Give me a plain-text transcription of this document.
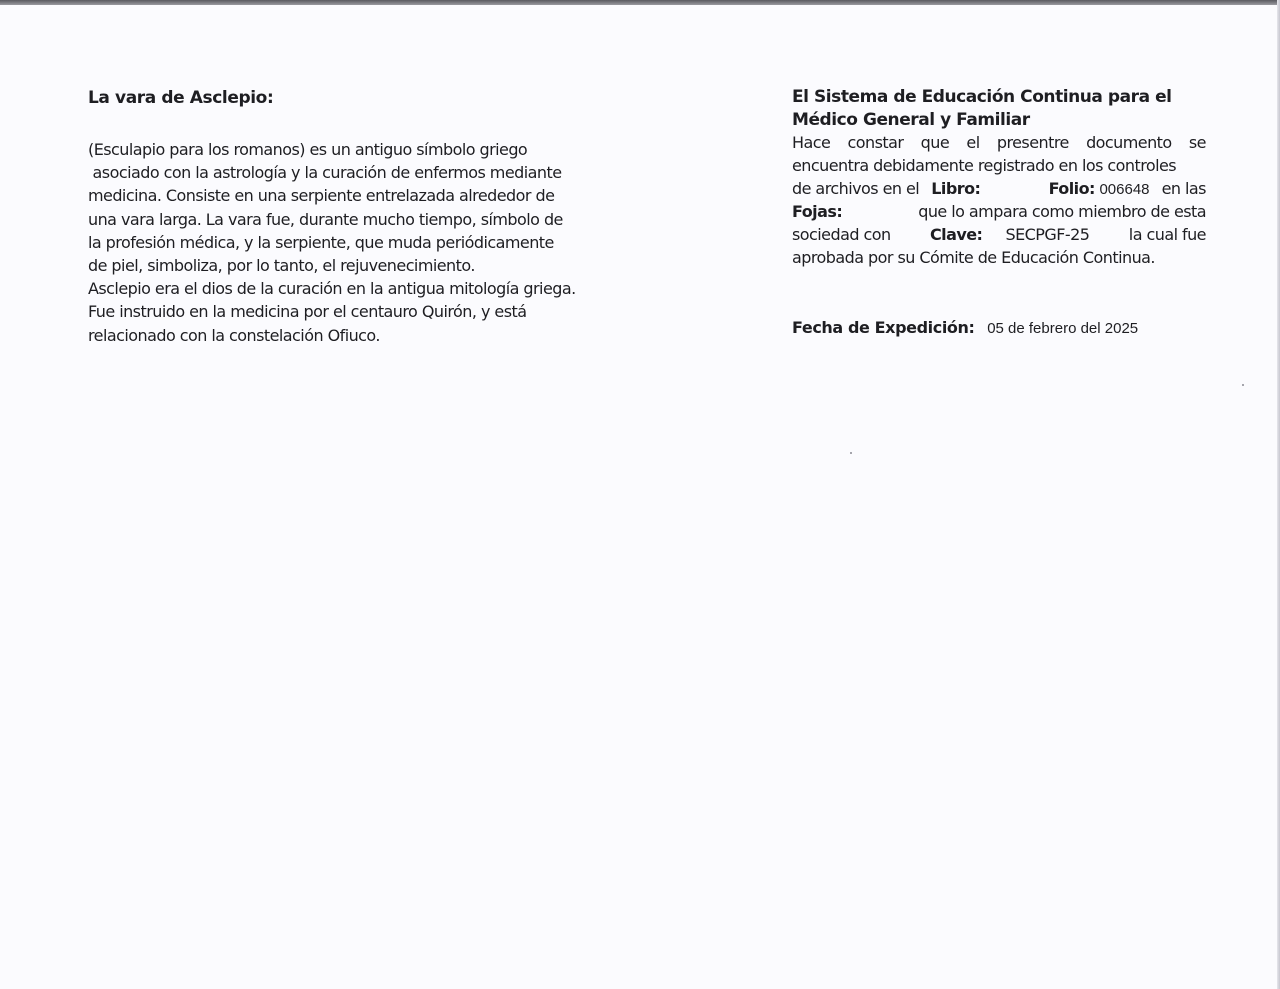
La vara de Asclepio:
(Esculapio para los romanos) es un antiguo símbolo griego
asociado con la astrología y la curación de enfermos mediante
medicina. Consiste en una serpiente entrelazada alrededor de
una vara larga. La vara fue, durante mucho tiempo, símbolo de
la profesión médica, y la serpiente, que muda periódicamente
de piel, simboliza, por lo tanto, el rejuvenecimiento.
Asclepio era el dios de la curación en la antigua mitología griega.
Fue instruido en la medicina por el centauro Quirón, y está
relacionado con la constelación Ofiuco.
El Sistema de Educación Continua para el
Médico General y Familiar
Hace constar que el presentre documento se
encuentra debidamente registrado en los controles
de archivos en el Libro:	Folio: 006648 en las
Fojas:	que lo ampara como miembro de esta
sociedad con Clave: SECPGF-25 la cual fue
aprobada por su Cómite de Educación Continua.
Fecha de Expedición: 05 de febrero del 2025
